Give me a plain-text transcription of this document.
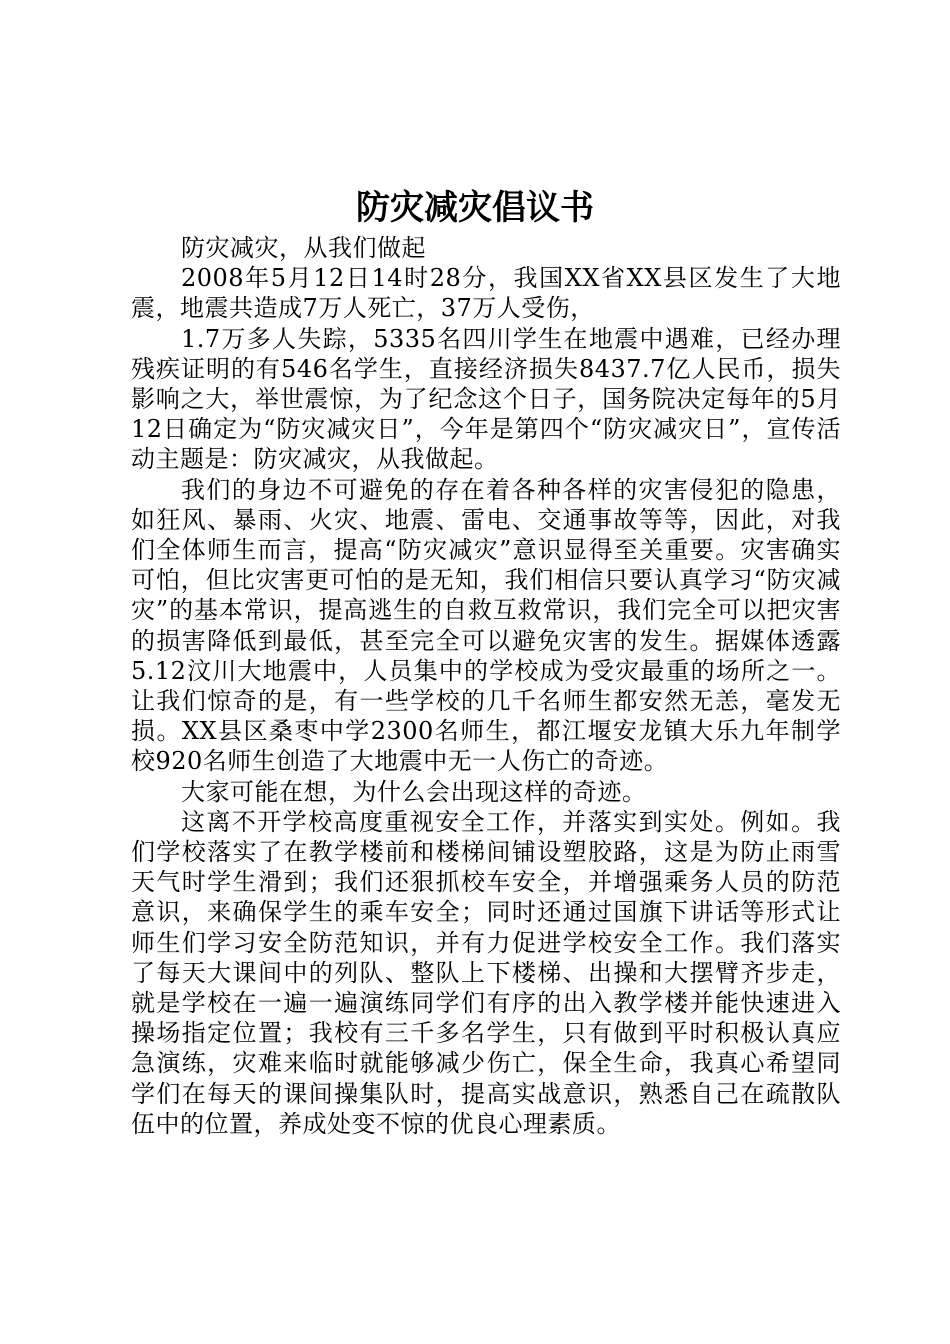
防灾减灾倡议书

防灾减灾，从我们做起

2008年5月12日14时28分，我国XX省XX县区发生了大地震，地震共造成7万人死亡，37万人受伤，

1.7万多人失踪，5335名四川学生在地震中遇难，已经办理残疾证明的有546名学生，直接经济损失8437.7亿人民币，损失影响之大，举世震惊，为了纪念这个日子，国务院决定每年的5月12日确定为“防灾减灾日”，今年是第四个“防灾减灾日”，宣传活动主题是：防灾减灾，从我做起。

我们的身边不可避免的存在着各种各样的灾害侵犯的隐患，如狂风、暴雨、火灾、地震、雷电、交通事故等等，因此，对我们全体师生而言，提高“防灾减灾”意识显得至关重要。灾害确实可怕，但比灾害更可怕的是无知，我们相信只要认真学习“防灾减灾”的基本常识，提高逃生的自救互救常识，我们完全可以把灾害的损害降低到最低，甚至完全可以避免灾害的发生。据媒体透露5.12汶川大地震中，人员集中的学校成为受灾最重的场所之一。让我们惊奇的是，有一些学校的几千名师生都安然无恙，毫发无损。XX县区桑枣中学2300名师生，都江堰安龙镇大乐九年制学校920名师生创造了大地震中无一人伤亡的奇迹。

大家可能在想，为什么会出现这样的奇迹。

这离不开学校高度重视安全工作，并落实到实处。例如。我们学校落实了在教学楼前和楼梯间铺设塑胶路，这是为防止雨雪天气时学生滑到；我们还狠抓校车安全，并增强乘务人员的防范意识，来确保学生的乘车安全；同时还通过国旗下讲话等形式让师生们学习安全防范知识，并有力促进学校安全工作。我们落实了每天大课间中的列队、整队上下楼梯、出操和大摆臂齐步走，就是学校在一遍一遍演练同学们有序的出入教学楼并能快速进入操场指定位置；我校有三千多名学生，只有做到平时积极认真应急演练，灾难来临时就能够减少伤亡，保全生命，我真心希望同学们在每天的课间操集队时，提高实战意识，熟悉自己在疏散队伍中的位置，养成处变不惊的优良心理素质。
